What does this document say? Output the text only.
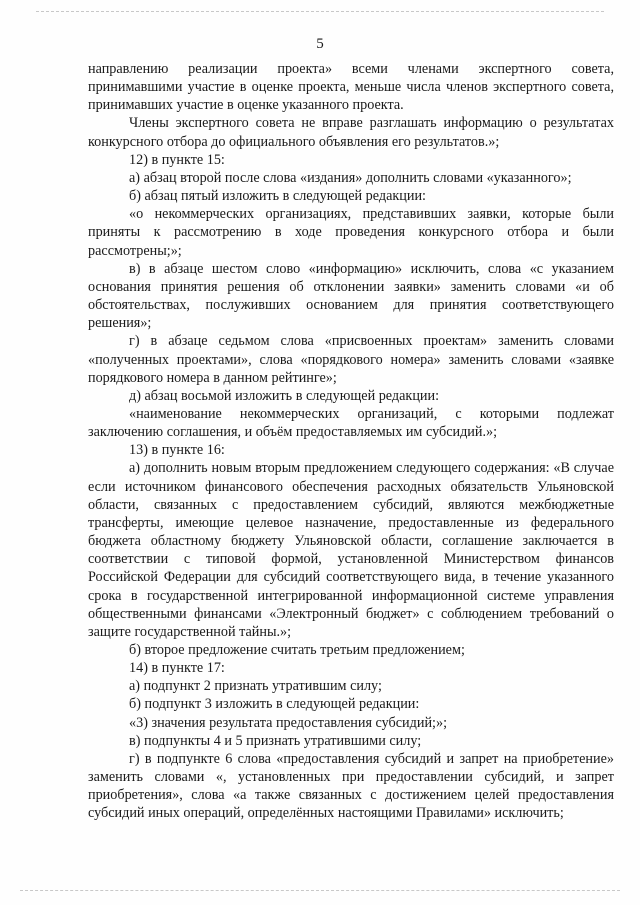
5

направлению реализации проекта» всеми членами экспертного совета, принимавшими участие в оценке проекта, меньше числа членов экспертного совета, принимавших участие в оценке указанного проекта.

Члены экспертного совета не вправе разглашать информацию о результатах конкурсного отбора до официального объявления его результатов.»;

12) в пункте 15:

а) абзац второй после слова «издания» дополнить словами «указанного»;

б) абзац пятый изложить в следующей редакции:

«о некоммерческих организациях, представивших заявки, которые были приняты к рассмотрению в ходе проведения конкурсного отбора и были рассмотрены;»;

в) в абзаце шестом слово «информацию» исключить, слова «с указанием основания принятия решения об отклонении заявки» заменить словами «и об обстоятельствах, послуживших основанием для принятия соответствующего решения»;

г) в абзаце седьмом слова «присвоенных проектам» заменить словами «полученных проектами», слова «порядкового номера» заменить словами «заявке порядкового номера в данном рейтинге»;

д) абзац восьмой изложить в следующей редакции:

«наименование некоммерческих организаций, с которыми подлежат заключению соглашения, и объём предоставляемых им субсидий.»;

13) в пункте 16:

а) дополнить новым вторым предложением следующего содержания: «В случае если источником финансового обеспечения расходных обязательств Ульяновской области, связанных с предоставлением субсидий, являются межбюджетные трансферты, имеющие целевое назначение, предоставленные из федерального бюджета областному бюджету Ульяновской области, соглашение заключается в соответствии с типовой формой, установленной Министерством финансов Российской Федерации для субсидий соответствующего вида, в течение указанного срока в государственной интегрированной информационной системе управления общественными финансами «Электронный бюджет» с соблюдением требований о защите государственной тайны.»;

б) второе предложение считать третьим предложением;

14) в пункте 17:

а) подпункт 2 признать утратившим силу;

б) подпункт 3 изложить в следующей редакции:

«3) значения результата предоставления субсидий;»;

в) подпункты 4 и 5 признать утратившими силу;

г) в подпункте 6 слова «предоставления субсидий и запрет на приобретение» заменить словами «, установленных при предоставлении субсидий, и запрет приобретения», слова «а также связанных с достижением целей предоставления субсидий иных операций, определённых настоящими Правилами» исключить;
